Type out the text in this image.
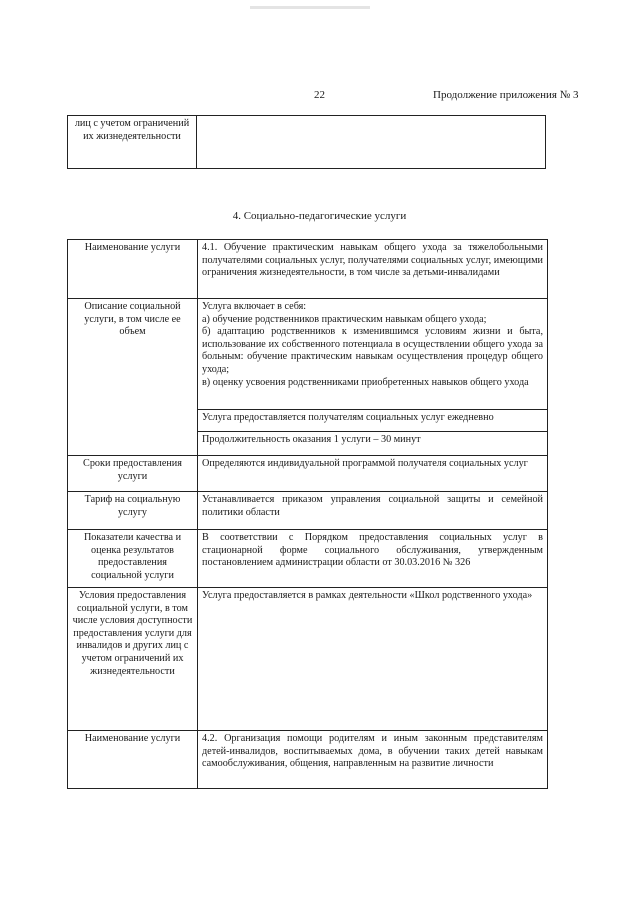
22	Продолжение приложения № 3
лиц с учетом ограничений их жизнедеятельности	
4. Социально-педагогические услуги
Наименование услуги	4.1. Обучение практическим навыкам общего ухода за тяжелобольными получателями социальных услуг, получателями социальных услуг, имеющими ограничения жизнедеятельности, в том числе за детьми-инвалидами
Описание социальной услуги, в том числе ее объем	Услуга включает в себя:
а) обучение родственников практическим навыкам общего ухода;
б) адаптацию родственников к изменившимся условиям жизни и быта, использование их собственного потенциала в осуществлении общего ухода за больным: обучение практическим навыкам осуществления процедур общего ухода;
в) оценку усвоения родственниками приобретенных навыков общего ухода

	Услуга предоставляется получателям социальных услуг ежедневно
	Продолжительность оказания 1 услуги – 30 минут
Сроки предоставления услуги	Определяются индивидуальной программой получателя социальных услуг
Тариф на социальную услугу	Устанавливается приказом управления социальной защиты и семейной политики области
Показатели качества и оценка результатов предоставления социальной услуги	В соответствии с Порядком предоставления социальных услуг в стационарной форме социального обслуживания, утвержденным постановлением администрации области от 30.03.2016 № 326
Условия предоставления социальной услуги, в том числе условия доступности предоставления услуги для инвалидов и других лиц с учетом ограничений их жизнедеятельности	Услуга предоставляется в рамках деятельности «Школ родственного ухода»
Наименование услуги	4.2. Организация помощи родителям и иным законным представителям детей-инвалидов, воспитываемых дома, в обучении таких детей навыкам самообслуживания, общения, направленным на развитие личности
